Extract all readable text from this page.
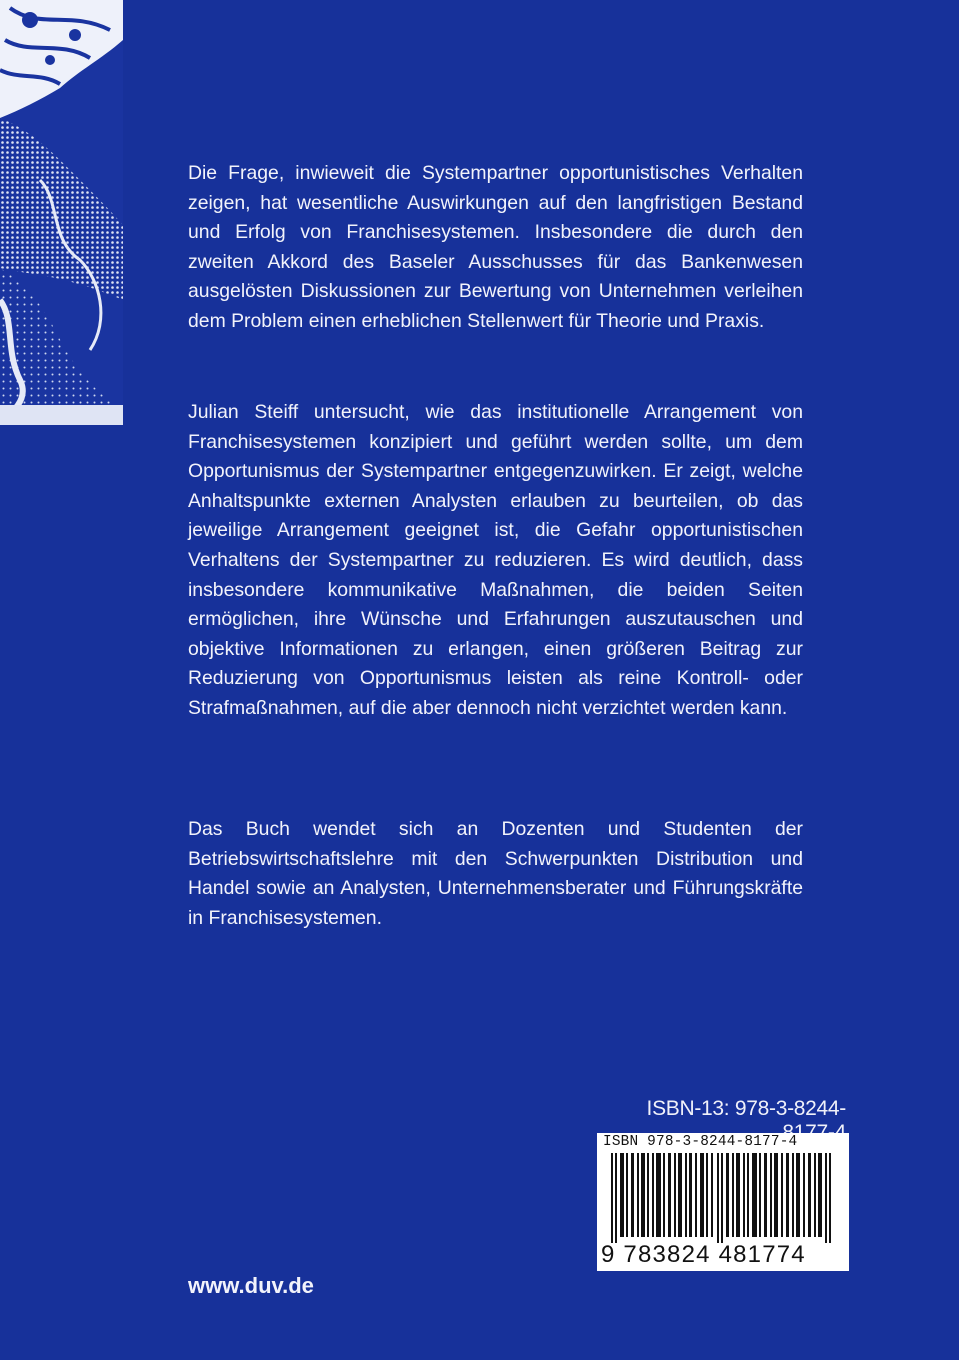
Die Frage, inwieweit die Systempartner opportunistisches Verhalten zeigen, hat wesentliche Auswirkungen auf den langfristigen Bestand und Erfolg von Franchisesystemen. Insbesondere die durch den zweiten Akkord des Baseler Ausschusses für das Bankenwesen ausgelösten Diskussionen zur Bewertung von Unternehmen verleihen dem Problem einen erheblichen Stellenwert für Theorie und Praxis.

Julian Steiff untersucht, wie das institutionelle Arrangement von Franchisesystemen konzipiert und geführt werden sollte, um dem Opportunismus der Systempartner entgegenzuwirken. Er zeigt, welche Anhaltspunkte externen Analysten erlauben zu beurteilen, ob das jeweilige Arrangement geeignet ist, die Gefahr opportunistischen Verhaltens der Systempartner zu reduzieren. Es wird deutlich, dass insbesondere kommunikative Maßnahmen, die beiden Seiten ermöglichen, ihre Wünsche und Erfahrungen auszutauschen und objektive Informationen zu erlangen, einen größeren Beitrag zur Reduzierung von Opportunismus leisten als reine Kontroll- oder Strafmaßnahmen, auf die aber dennoch nicht verzichtet werden kann.

Das Buch wendet sich an Dozenten und Studenten der Betriebswirtschaftslehre mit den Schwerpunkten Distribution und Handel sowie an Analysten, Unternehmensberater und Führungskräfte in Franchisesystemen.

ISBN-13: 978-3-8244-
ISBN 978-3-8244-8177-4
9 783824 481774
www.duv.de
